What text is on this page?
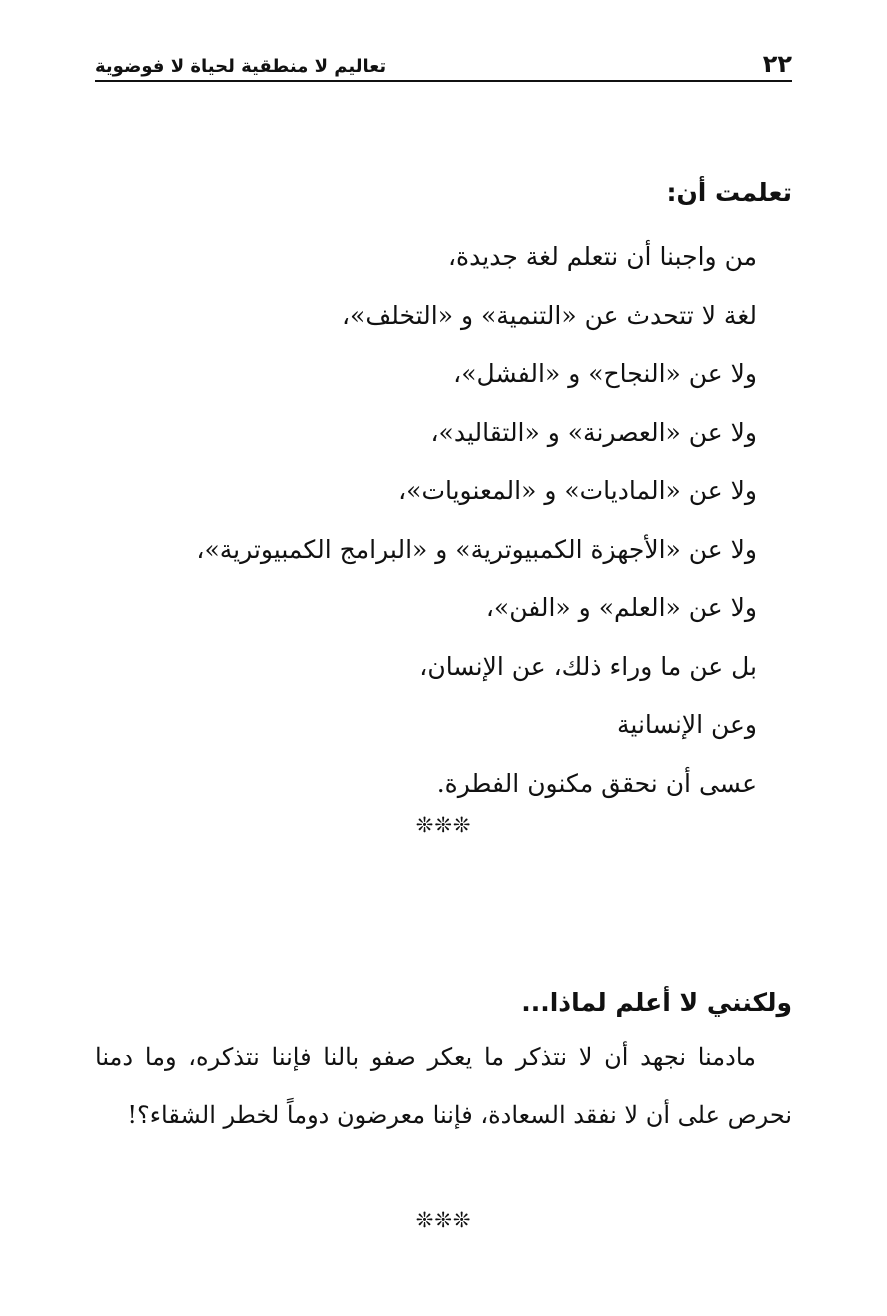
٢٢
تعاليم لا منطقية لحياة لا فوضوية
تعلمت أن:
من واجبنا أن نتعلم لغة جديدة،
لغة لا تتحدث عن «التنمية» و «التخلف»،
ولا عن «النجاح» و «الفشل»،
ولا عن «العصرنة» و «التقاليد»،
ولا عن «الماديات» و «المعنويات»،
ولا عن «الأجهزة الكمبيوترية» و «البرامج الكمبيوترية»،
ولا عن «العلم» و «الفن»،
بل عن ما وراء ذلك، عن الإنسان،
وعن الإنسانية
عسى أن نحقق مكنون الفطرة.
❊❊❊
ولكنني لا أعلم لماذا...

مادمنا نجهد أن لا نتذكر ما يعكر صفو بالنا فإننا نتذكره، وما دمنا نحرص على أن لا نفقد السعادة، فإننا معرضون دوماً لخطر الشقاء؟!

❊❊❊
